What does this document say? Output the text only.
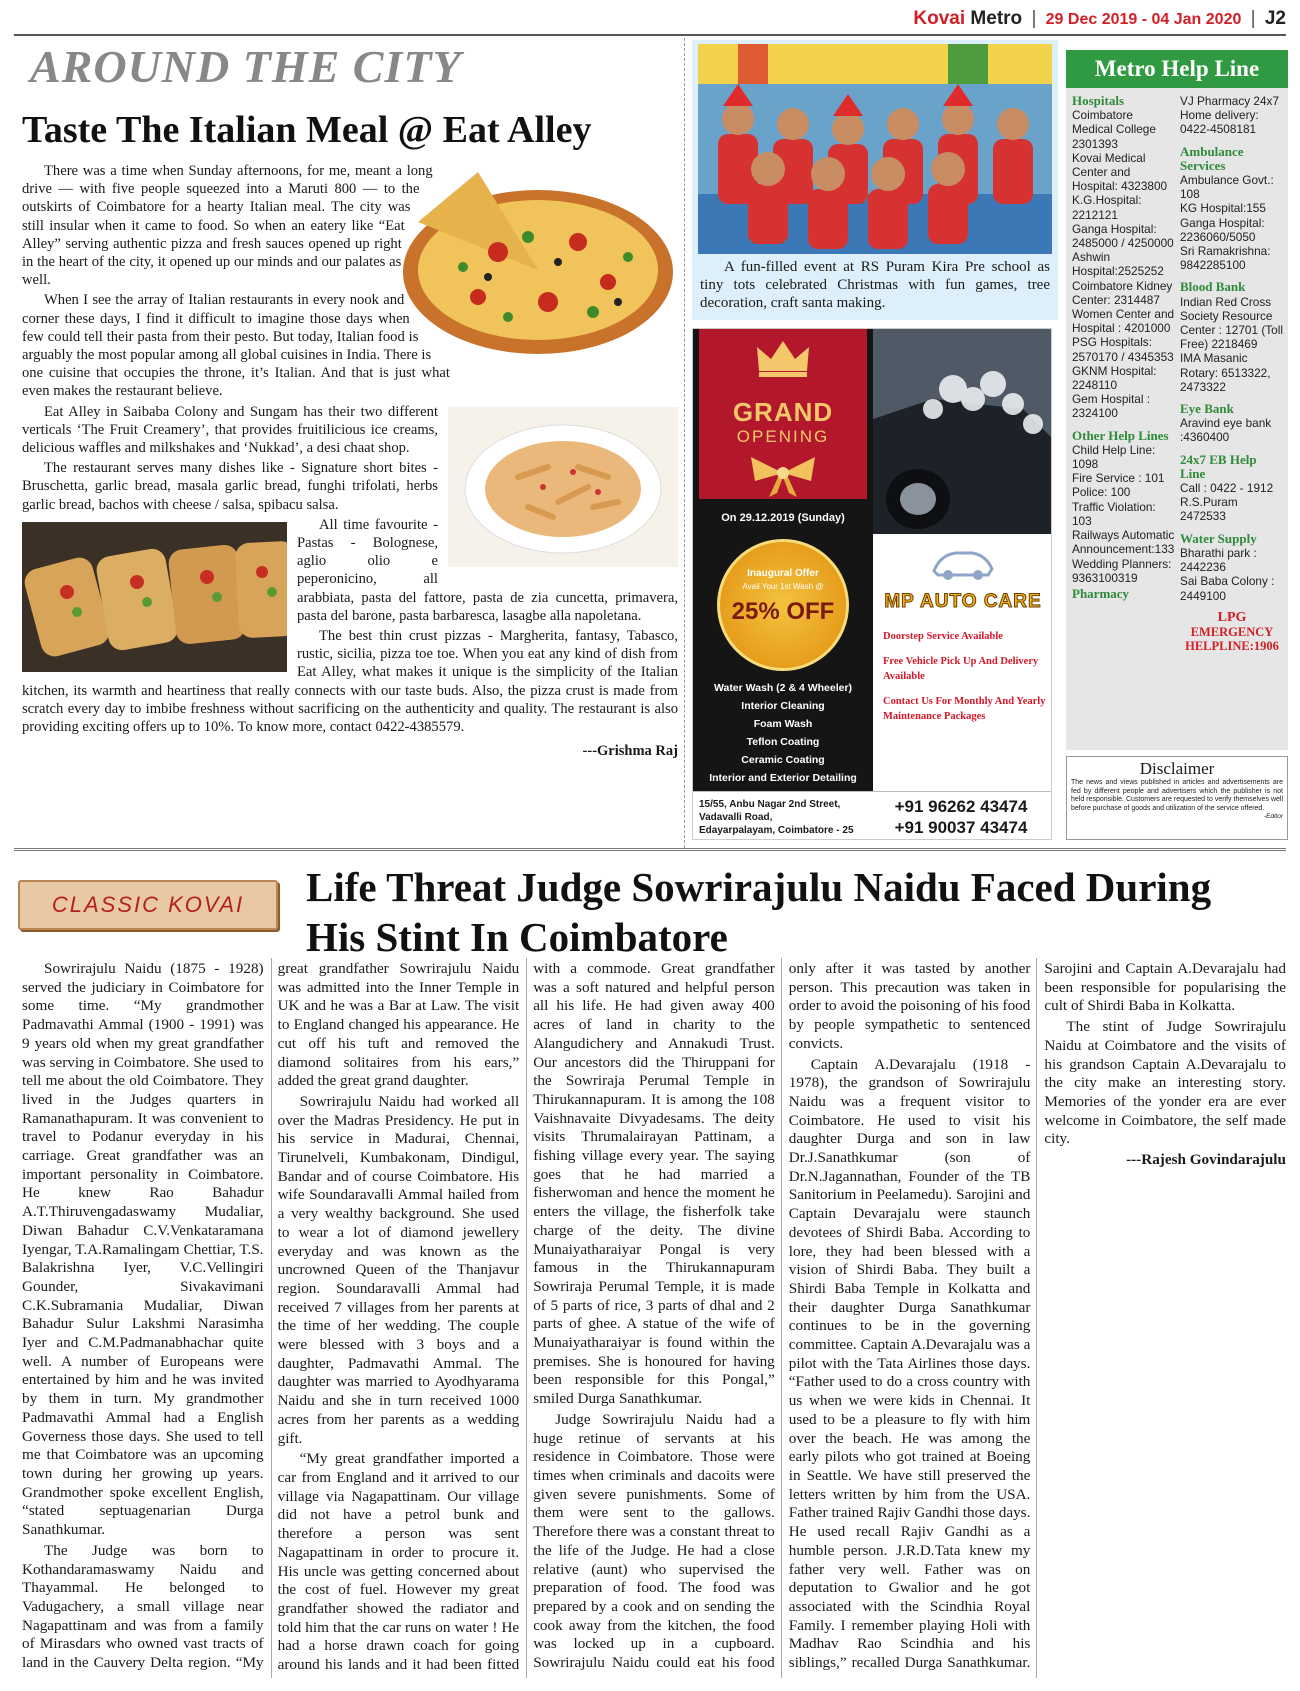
Kovai Metro | 29 Dec 2019 - 04 Jan 2020 | J2
AROUND THE CITY
Taste The Italian Meal @ Eat Alley

There was a time when Sunday afternoons, for me, meant a long drive — with five people squeezed into a Maruti 800 — to the outskirts of Coimbatore for a hearty Italian meal. The city was still insular when it came to food. So when an eatery like “Eat Alley” serving authentic pizza and fresh sauces opened up right in the heart of the city, it opened up our minds and our palates as well.

When I see the array of Italian restaurants in every nook and corner these days, I find it difficult to imagine those days when few could tell their pasta from their pesto. But today, Italian food is arguably the most popular among all global cuisines in India. There is one cuisine that occupies the throne, it’s Italian. And that is just what even makes the restaurant believe.

Eat Alley in Saibaba Colony and Sungam has their two different verticals ‘The Fruit Creamery’, that provides fruitilicious ice creams, delicious waffles and milkshakes and ‘Nukkad’, a desi chaat shop.

The restaurant serves many dishes like - Signature short bites - Bruschetta, garlic bread, masala garlic bread, funghi trifolati, herbs garlic bread, bachos with cheese / salsa, spibacu salsa.

All time favourite - Pastas - Bolognese, aglio olio e peperonicino, all arabbiata, pasta del fattore, pasta de zia cuncetta, primavera, pasta del barone, pasta barbaresca, lasagbe alla napoletana.

The best thin crust pizzas - Margherita, fantasy, Tabasco, rustic, sicilia, pizza toe toe. When you eat any kind of dish from Eat Alley, what makes it unique is the simplicity of the Italian kitchen, its warmth and heartiness that really connects with our taste buds. Also, the pizza crust is made from scratch every day to imbibe freshness without sacrificing on the authenticity and quality. The restaurant is also providing exciting offers up to 10%. To know more, contact 0422-4385579.

---Grishma Raj
A fun-filled event at RS Puram Kira Pre school as tiny tots celebrated Christmas with fun games, tree decoration, craft santa making.
GRAND
OPENING
On 29.12.2019 (Sunday)
Inaugural Offer
Avail Your 1st Wash @
25% OFF
Water Wash (2 & 4 Wheeler)
Interior Cleaning
Foam Wash
Teflon Coating
Ceramic Coating
Interior and Exterior Detailing
MP AUTO CARE
Doorstep Service Available
Free Vehicle Pick Up And Delivery Available
Contact Us For Monthly And Yearly Maintenance Packages
15/55, Anbu Nagar 2nd Street,
Vadavalli Road,
Edayarpalayam, Coimbatore - 25
+91 96262 43474
+91 90037 43474
Metro Help Line
Hospitals
Coimbatore Medical College 2301393
Kovai Medical Center and Hospital: 4323800
K.G.Hospital: 2212121
Ganga Hospital: 2485000 / 4250000
Ashwin Hospital:2525252
Coimbatore Kidney Center: 2314487
Women Center and Hospital : 4201000
PSG Hospitals: 2570170 / 4345353
GKNM Hospital: 2248110
Gem Hospital : 2324100
Other Help Lines
Child Help Line: 1098
Fire Service : 101
Police: 100
Traffic Violation: 103
Railways Automatic Announcement:133
Wedding Planners: 9363100319
Pharmacy
VJ Pharmacy 24x7 Home delivery: 0422-4508181
Ambulance Services
Ambulance Govt.: 108
KG Hospital:155
Ganga Hospital: 2236060/5050
Sri Ramakrishna: 9842285100
Blood Bank
Indian Red Cross Society Resource Center : 12701 (Toll Free) 2218469
IMA Masanic Rotary: 6513322, 2473322
Eye Bank
Aravind eye bank :4360400
24x7 EB Help Line
Call : 0422 - 1912
R.S.Puram 2472533
Water Supply
Bharathi park : 2442236
Sai Baba Colony : 2449100
LPG
EMERGENCY HELPLINE:1906
Disclaimer
The news and views published in articles and advertisements are fed by different people and advertisers which the publisher is not held responsible. Customers are requested to verify themselves well before purchase of goods and utilization of the service offered.
-Editor
CLASSIC KOVAI	Life Threat Judge Sowrirajulu Naidu Faced During
His Stint In Coimbatore

Sowrirajulu Naidu (1875 - 1928) served the judiciary in Coimbatore for some time. “My grandmother Padmavathi Ammal (1900 - 1991) was 9 years old when my great grandfather was serving in Coimbatore. She used to tell me about the old Coimbatore. They lived in the Judges quarters in Ramanathapuram. It was convenient to travel to Podanur everyday in his carriage. Great grandfather was an important personality in Coimbatore. He knew Rao Bahadur A.T.Thiruvengadaswamy Mudaliar, Diwan Bahadur C.V.Venkataramana Iyengar, T.A.Ramalingam Chettiar, T.S. Balakrishna Iyer, V.C.Vellingiri Gounder, Sivakavimani C.K.Subramania Mudaliar, Diwan Bahadur Sulur Lakshmi Narasimha Iyer and C.M.Padmanabhachar quite well. A number of Europeans were entertained by him and he was invited by them in turn. My grandmother Padmavathi Ammal had a English Governess those days. She used to tell me that Coimbatore was an upcoming town during her growing up years. Grandmother spoke excellent English, “stated septuagenarian Durga Sanathkumar.

The Judge was born to Kothandaramaswamy Naidu and Thayammal. He belonged to Vadugachery, a small village near Nagapattinam and was from a family of Mirasdars who owned vast tracts of land in the Cauvery Delta region. “My great grandfather Sowrirajulu Naidu was admitted into the Inner Temple in UK and he was a Bar at Law. The visit to England changed his appearance. He cut off his tuft and removed the diamond solitaires from his ears,” added the great grand daughter.

Sowrirajulu Naidu had worked all over the Madras Presidency. He put in his service in Madurai, Chennai, Tirunelveli, Kumbakonam, Dindigul, Bandar and of course Coimbatore. His wife Soundaravalli Ammal hailed from a very wealthy background. She used to wear a lot of diamond jewellery everyday and was known as the uncrowned Queen of the Thanjavur region. Soundaravalli Ammal had received 7 villages from her parents at the time of her wedding. The couple were blessed with 3 boys and a daughter, Padmavathi Ammal. The daughter was married to Ayodhyarama Naidu and she in turn received 1000 acres from her parents as a wedding gift.

“My great grandfather imported a car from England and it arrived to our village via Nagapattinam. Our village did not have a petrol bunk and therefore a person was sent Nagapattinam in order to procure it. His uncle was getting concerned about the cost of fuel. However my great grandfather showed the radiator and told him that the car runs on water ! He had a horse drawn coach for going around his lands and it had been fitted with a commode. Great grandfather was a soft natured and helpful person all his life. He had given away 400 acres of land in charity to the Alangudichery and Annakudi Trust. Our ancestors did the Thiruppani for the Sowriraja Perumal Temple in Thirukannapuram. It is among the 108 Vaishnavaite Divyadesams. The deity visits Thrumalairayan Pattinam, a fishing village every year. The saying goes that he had married a fisherwoman and hence the moment he enters the village, the fisherfolk take charge of the deity. The divine Munaiyatharaiyar Pongal is very famous in the Thirukannapuram Sowriraja Perumal Temple, it is made of 5 parts of rice, 3 parts of dhal and 2 parts of ghee. A statue of the wife of Munaiyatharaiyar is found within the premises. She is honoured for having been responsible for this Pongal,” smiled Durga Sanathkumar.

Judge Sowrirajulu Naidu had a huge retinue of servants at his residence in Coimbatore. Those were times when criminals and dacoits were given severe punishments. Some of them were sent to the gallows. Therefore there was a constant threat to the life of the Judge. He had a close relative (aunt) who supervised the preparation of food. The food was prepared by a cook and on sending the cook away from the kitchen, the food was locked up in a cupboard. Sowrirajulu Naidu could eat his food only after it was tasted by another person. This precaution was taken in order to avoid the poisoning of his food by people sympathetic to sentenced convicts.

Captain A.Devarajalu (1918 - 1978), the grandson of Sowrirajulu Naidu was a frequent visitor to Coimbatore. He used to visit his daughter Durga and son in law Dr.J.Sanathkumar (son of Dr.N.Jagannathan, Founder of the TB Sanitorium in Peelamedu). Sarojini and Captain Devarajalu were staunch devotees of Shirdi Baba. According to lore, they had been blessed with a vision of Shirdi Baba. They built a Shirdi Baba Temple in Kolkatta and their daughter Durga Sanathkumar continues to be in the governing committee. Captain A.Devarajalu was a pilot with the Tata Airlines those days. “Father used to do a cross country with us when we were kids in Chennai. It used to be a pleasure to fly with him over the beach. He was among the early pilots who got trained at Boeing in Seattle. We have still preserved the letters written by him from the USA. Father trained Rajiv Gandhi those days. He used recall Rajiv Gandhi as a humble person. J.R.D.Tata knew my father very well. Father was on deputation to Gwalior and he got associated with the Scindhia Royal Family. I remember playing Holi with Madhav Rao Scindhia and his siblings,” recalled Durga Sanathkumar. Sarojini and Captain A.Devarajalu had been responsible for popularising the cult of Shirdi Baba in Kolkatta.

The stint of Judge Sowrirajulu Naidu at Coimbatore and the visits of his grandson Captain A.Devarajalu to the city make an interesting story. Memories of the yonder era are ever welcome in Coimbatore, the self made city.

---Rajesh Govindarajulu
